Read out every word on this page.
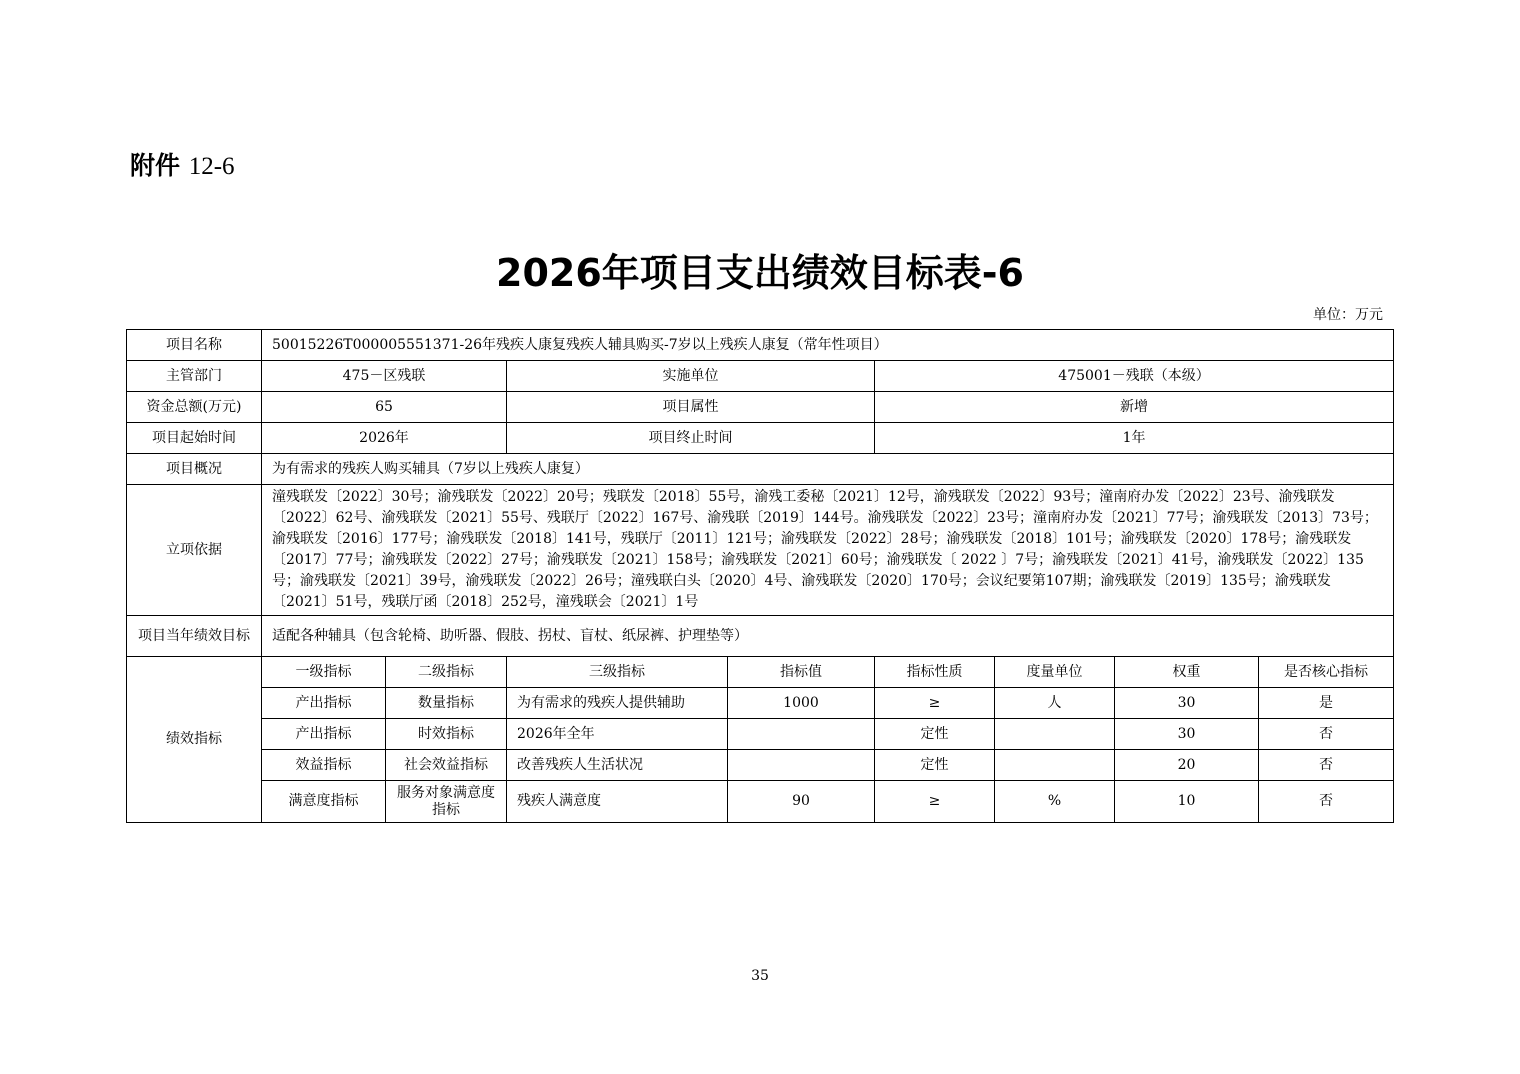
附件 12-6
2026年项目支出绩效目标表-6
单位：万元
项目名称	50015226T000005551371-26年残疾人康复残疾人辅具购买-7岁以上残疾人康复（常年性项目）							
主管部门	475－区残联		实施单位		475001－残联（本级）			
资金总额(万元)	65		项目属性		新增			
项目起始时间	2026年		项目终止时间		1年			
项目概况	为有需求的残疾人购买辅具（7岁以上残疾人康复）							
立项依据	潼残联发〔2022〕30号；渝残联发〔2022〕20号；残联发〔2018〕55号，渝残工委秘〔2021〕12号，渝残联发〔2022〕93号；潼南府办发〔2022〕23号、渝残联发〔2022〕62号、渝残联发〔2021〕55号、残联厅〔2022〕167号、渝残联〔2019〕144号。渝残联发〔2022〕23号；潼南府办发〔2021〕77号；渝残联发〔2013〕73号；渝残联发〔2016〕177号；渝残联发〔2018〕141号，残联厅〔2011〕121号；渝残联发〔2022〕28号；渝残联发〔2018〕101号；渝残联发〔2020〕178号；渝残联发〔2017〕77号；渝残联发〔2022〕27号；渝残联发〔2021〕158号；渝残联发〔2021〕60号；渝残联发〔 2022 〕7号；渝残联发〔2021〕41号，渝残联发〔2022〕135号；渝残联发〔2021〕39号，渝残联发〔2022〕26号；潼残联白头〔2020〕4号、渝残联发〔2020〕170号；会议纪要第107期；渝残联发〔2019〕135号；渝残联发〔2021〕51号，残联厅函〔2018〕252号，潼残联会〔2021〕1号							
项目当年绩效目标	适配各种辅具（包含轮椅、助听器、假肢、拐杖、盲杖、纸尿裤、护理垫等）							
绩效指标	一级指标	二级指标	三级指标	指标值	指标性质	度量单位	权重	是否核心指标
	产出指标	数量指标	为有需求的残疾人提供辅助	1000	≥	人	30	是
	产出指标	时效指标	2026年全年		定性		30	否
	效益指标	社会效益指标	改善残疾人生活状况		定性		20	否
	满意度指标	服务对象满意度指标	残疾人满意度	90	≥	%	10	否
35
